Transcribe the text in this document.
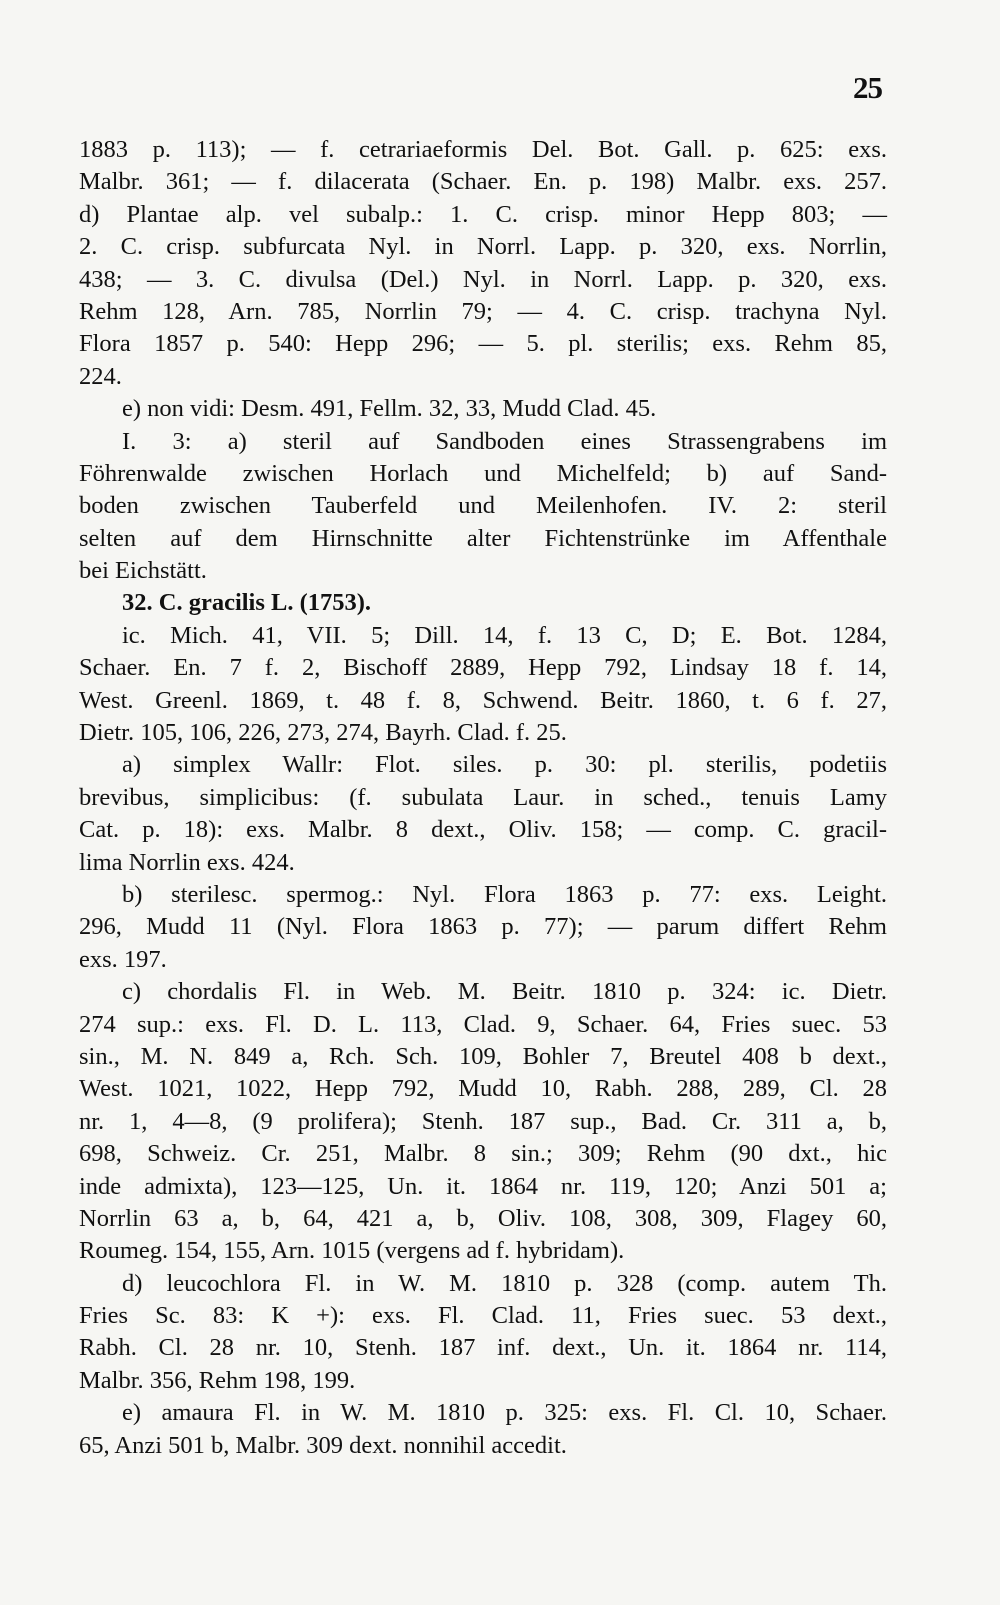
25
1883 p. 113); — f. cetrariaeformis Del. Bot. Gall. p. 625: exs.
Malbr. 361; — f. dilacerata (Schaer. En. p. 198) Malbr. exs. 257.
d) Plantae alp. vel subalp.: 1. C. crisp. minor Hepp 803; —
2. C. crisp. subfurcata Nyl. in Norrl. Lapp. p. 320, exs. Norrlin,
438; — 3. C. divulsa (Del.) Nyl. in Norrl. Lapp. p. 320, exs.
Rehm 128, Arn. 785, Norrlin 79; — 4. C. crisp. trachyna Nyl.
Flora 1857 p. 540: Hepp 296; — 5. pl. sterilis; exs. Rehm 85,
224.
e) non vidi: Desm. 491, Fellm. 32, 33, Mudd Clad. 45.
I. 3: a) steril auf Sandboden eines Strassengrabens im
Föhrenwalde zwischen Horlach und Michelfeld; b) auf Sand-
boden zwischen Tauberfeld und Meilenhofen. IV. 2: steril
selten auf dem Hirnschnitte alter Fichtenstrünke im Affenthale
bei Eichstätt.
32. C. gracilis L. (1753).
ic. Mich. 41, VII. 5; Dill. 14, f. 13 C, D; E. Bot. 1284,
Schaer. En. 7 f. 2, Bischoff 2889, Hepp 792, Lindsay 18 f. 14,
West. Greenl. 1869, t. 48 f. 8, Schwend. Beitr. 1860, t. 6 f. 27,
Dietr. 105, 106, 226, 273, 274, Bayrh. Clad. f. 25.
a) simplex Wallr: Flot. siles. p. 30: pl. sterilis, podetiis
brevibus, simplicibus: (f. subulata Laur. in sched., tenuis Lamy
Cat. p. 18): exs. Malbr. 8 dext., Oliv. 158; — comp. C. gracil-
lima Norrlin exs. 424.
b) sterilesc. spermog.: Nyl. Flora 1863 p. 77: exs. Leight.
296, Mudd 11 (Nyl. Flora 1863 p. 77); — parum differt Rehm
exs. 197.
c) chordalis Fl. in Web. M. Beitr. 1810 p. 324: ic. Dietr.
274 sup.: exs. Fl. D. L. 113, Clad. 9, Schaer. 64, Fries suec. 53
sin., M. N. 849 a, Rch. Sch. 109, Bohler 7, Breutel 408 b dext.,
West. 1021, 1022, Hepp 792, Mudd 10, Rabh. 288, 289, Cl. 28
nr. 1, 4—8, (9 prolifera); Stenh. 187 sup., Bad. Cr. 311 a, b,
698, Schweiz. Cr. 251, Malbr. 8 sin.; 309; Rehm (90 dxt., hic
inde admixta), 123—125, Un. it. 1864 nr. 119, 120; Anzi 501 a;
Norrlin 63 a, b, 64, 421 a, b, Oliv. 108, 308, 309, Flagey 60,
Roumeg. 154, 155, Arn. 1015 (vergens ad f. hybridam).
d) leucochlora Fl. in W. M. 1810 p. 328 (comp. autem Th.
Fries Sc. 83: K +): exs. Fl. Clad. 11, Fries suec. 53 dext.,
Rabh. Cl. 28 nr. 10, Stenh. 187 inf. dext., Un. it. 1864 nr. 114,
Malbr. 356, Rehm 198, 199.
e) amaura Fl. in W. M. 1810 p. 325: exs. Fl. Cl. 10, Schaer.
65, Anzi 501 b, Malbr. 309 dext. nonnihil accedit.
